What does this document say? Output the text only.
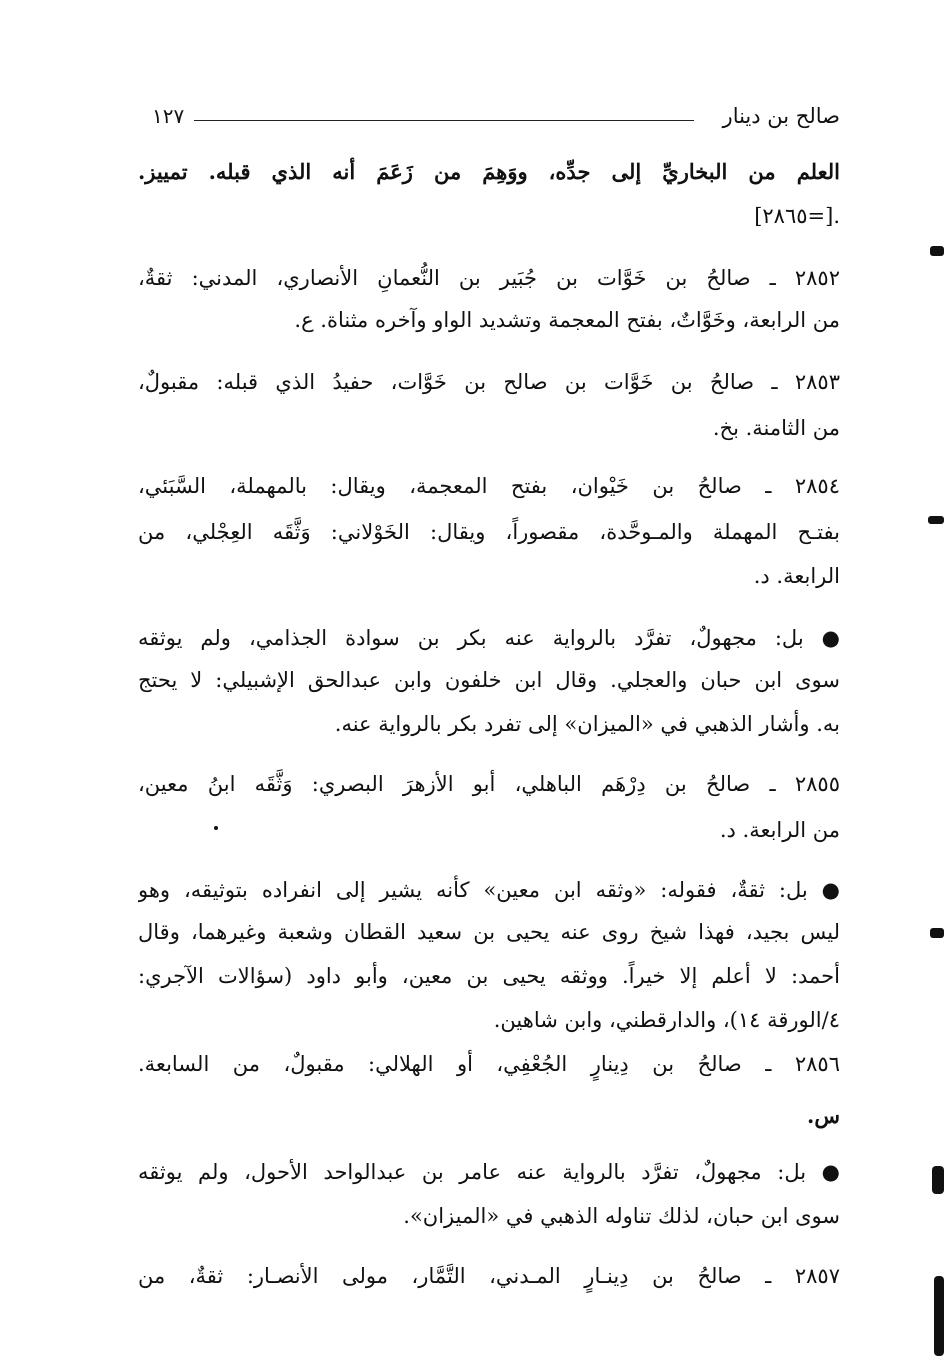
١٢٧	صالح بن دينار
العلم من البخاريِّ إلى جدِّه، ووَهِمَ من زَعَمَ أنه الذي قبله. تمييز.
.[=٢٨٦٥]
٢٨٥٢ ـ صالحُ بن خَوَّات بن جُبَير بن النُّعمانِ الأنصاري، المدني: ثقةٌ،
من الرابعة، وخَوَّاتٌ، بفتح المعجمة وتشديد الواو وآخره مثناة. ع.
٢٨٥٣ ـ صالحُ بن خَوَّات بن صالح بن خَوَّات، حفيدُ الذي قبله: مقبولٌ،
من الثامنة. بخ.
٢٨٥٤ ـ صالحُ بن خَيْوان، بفتح المعجمة، ويقال: بالمهملة، السَّبَئي،
بفتـح المهملة والمـوحَّدة، مقصوراً، ويقال: الخَوْلاني: وَثَّقَه العِجْلي، من
الرابعة. د.
● بل: مجهولٌ، تفرَّد بالرواية عنه بكر بن سوادة الجذامي، ولم يوثقه
سوى ابن حبان والعجلي. وقال ابن خلفون وابن عبدالحق الإشبيلي: لا يحتج
به. وأشار الذهبي في «الميزان» إلى تفرد بكر بالرواية عنه.
٢٨٥٥ ـ صالحُ بن دِرْهَم الباهلي، أبو الأزهرَ البصري: وَثَّقَه ابنُ معين،
من الرابعة. د.
● بل: ثقةٌ، فقوله: «وثقه ابن معين» كأنه يشير إلى انفراده بتوثيقه، وهو
ليس بجيد، فهذا شيخ روى عنه يحيى بن سعيد القطان وشعبة وغيرهما، وقال
أحمد: لا أعلم إلا خيراً. ووثقه يحيى بن معين، وأبو داود (سؤالات الآجري:
٤/الورقة ١٤)، والدارقطني، وابن شاهين.
٢٨٥٦ ـ صالحُ بن دِينارٍ الجُعْفِي، أو الهلالي: مقبولٌ، من السابعة.
س.
● بل: مجهولٌ، تفرَّد بالرواية عنه عامر بن عبدالواحد الأحول، ولم يوثقه
سوى ابن حبان، لذلك تناوله الذهبي في «الميزان».
٢٨٥٧ ـ صالحُ بن دِينـارٍ المـدني، التَّمَّار، مولى الأنصـار: ثقةٌ، من
